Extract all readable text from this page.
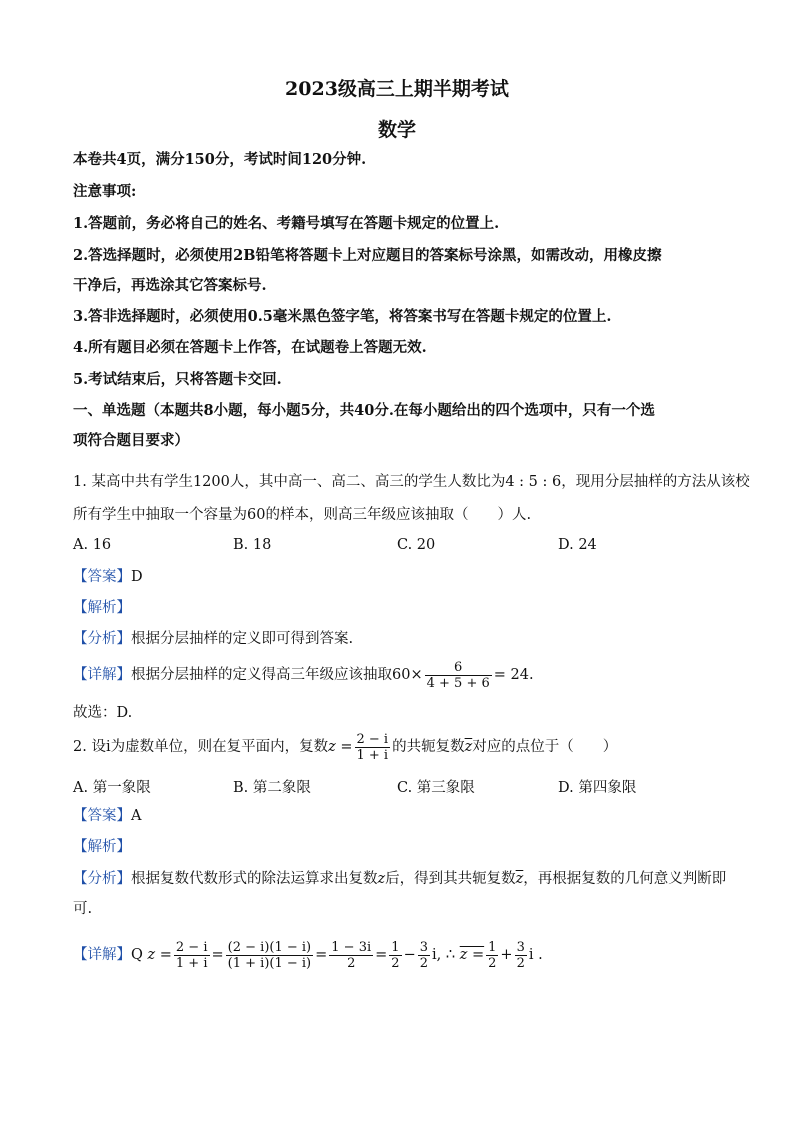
2023级高三上期半期考试
数学
本卷共4页，满分150分，考试时间120分钟.
注意事项:
1.答题前，务必将自己的姓名、考籍号填写在答题卡规定的位置上.
2.答选择题时，必须使用2B铅笔将答题卡上对应题目的答案标号涂黑，如需改动，用橡皮擦
干净后，再选涂其它答案标号.
3.答非选择题时，必须使用0.5毫米黑色签字笔，将答案书写在答题卡规定的位置上.
4.所有题目必须在答题卡上作答，在试题卷上答题无效.
5.考试结束后，只将答题卡交回.
一、单选题（本题共8小题，每小题5分，共40分.在每小题给出的四个选项中，只有一个选
项符合题目要求）
1. 某高中共有学生1200人，其中高一、高二、高三的学生人数比为4 : 5 : 6，现用分层抽样的方法从该校
所有学生中抽取一个容量为60的样本，则高三年级应该抽取（　　）人.
A. 16	B. 18	C. 20	D. 24
【答案】D
【解析】
【分析】根据分层抽样的定义即可得到答案.
【详解】根据分层抽样的定义得高三年级应该抽取$60\times \frac{6}{4 + 5 + 6} = 24$.
故选：D.
2. 设i为虚数单位，则在复平面内，复数$z = \frac{2 - i}{1 + i}$ 的共轭复数$\overline{z}$对应的点位于（　　）
A. 第一象限	B. 第二象限	C. 第三象限	D. 第四象限
【答案】A
【解析】
【分析】根据复数代数形式的除法运算求出复数z后，得到其共轭复数$\overline{z}$，再根据复数的几何意义判断即
可.
【详解】Q $z = \frac{2 - i}{1 + i} = \frac{(2 - i)(1 - i)}{(1 + i)(1 - i)} = \frac{1 - 3i}{2} = \frac{1}{2} - \frac{3}{2} i$, ∴ $z = \frac{1}{2} + \frac{3}{2}$ i .
